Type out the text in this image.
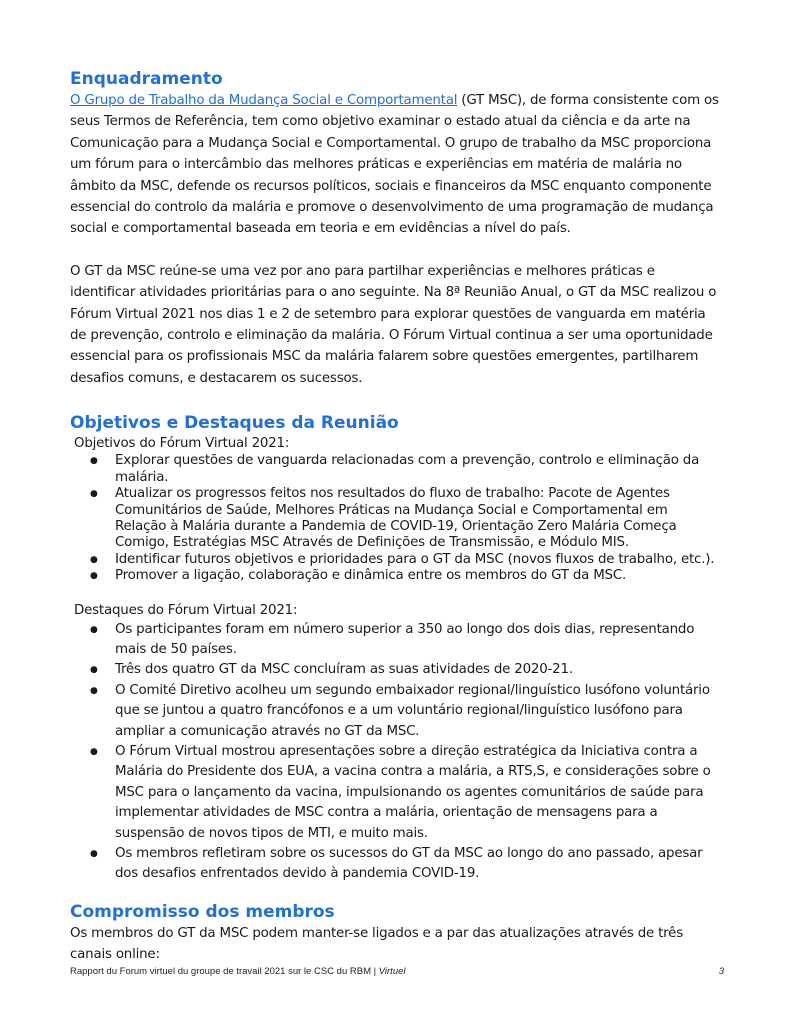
Enquadramento

O Grupo de Trabalho da Mudança Social e Comportamental (GT MSC), de forma consistente com os seus Termos de Referência, tem como objetivo examinar o estado atual da ciência e da arte na Comunicação para a Mudança Social e Comportamental. O grupo de trabalho da MSC proporciona um fórum para o intercâmbio das melhores práticas e experiências em matéria de malária no âmbito da MSC, defende os recursos políticos, sociais e financeiros da MSC enquanto componente essencial do controlo da malária e promove o desenvolvimento de uma programação de mudança social e comportamental baseada em teoria e em evidências a nível do país.

O GT da MSC reúne-se uma vez por ano para partilhar experiências e melhores práticas e identificar atividades prioritárias para o ano seguinte. Na 8ª Reunião Anual, o GT da MSC realizou o Fórum Virtual 2021 nos dias 1 e 2 de setembro para explorar questões de vanguarda em matéria de prevenção, controlo e eliminação da malária. O Fórum Virtual continua a ser uma oportunidade essencial para os profissionais MSC da malária falarem sobre questões emergentes, partilharem desafios comuns, e destacarem os sucessos.

Objetivos e Destaques da Reunião
Objetivos do Fórum Virtual 2021:
● Explorar questões de vanguarda relacionadas com a prevenção, controlo e eliminação da malária.
● Atualizar os progressos feitos nos resultados do fluxo de trabalho: Pacote de Agentes Comunitários de Saúde, Melhores Práticas na Mudança Social e Comportamental em Relação à Malária durante a Pandemia de COVID-19, Orientação Zero Malária Começa Comigo, Estratégias MSC Através de Definições de Transmissão, e Módulo MIS.
● Identificar futuros objetivos e prioridades para o GT da MSC (novos fluxos de trabalho, etc.).
● Promover a ligação, colaboração e dinâmica entre os membros do GT da MSC.
Destaques do Fórum Virtual 2021:
● Os participantes foram em número superior a 350 ao longo dos dois dias, representando mais de 50 países.
● Três dos quatro GT da MSC concluíram as suas atividades de 2020-21.
● O Comité Diretivo acolheu um segundo embaixador regional/linguístico lusófono voluntário que se juntou a quatro francófonos e a um voluntário regional/linguístico lusófono para ampliar a comunicação através no GT da MSC.
● O Fórum Virtual mostrou apresentações sobre a direção estratégica da Iniciativa contra a Malária do Presidente dos EUA, a vacina contra a malária, a RTS,S, e considerações sobre o MSC para o lançamento da vacina, impulsionando os agentes comunitários de saúde para implementar atividades de MSC contra a malária, orientação de mensagens para a suspensão de novos tipos de MTI, e muito mais.
● Os membros refletiram sobre os sucessos do GT da MSC ao longo do ano passado, apesar dos desafios enfrentados devido à pandemia COVID-19.
Compromisso dos membros

Os membros do GT da MSC podem manter-se ligados e a par das atualizações através de três canais online:

Rapport du Forum virtuel du groupe de travail 2021 sur le CSC du RBM | Virtuel	3
